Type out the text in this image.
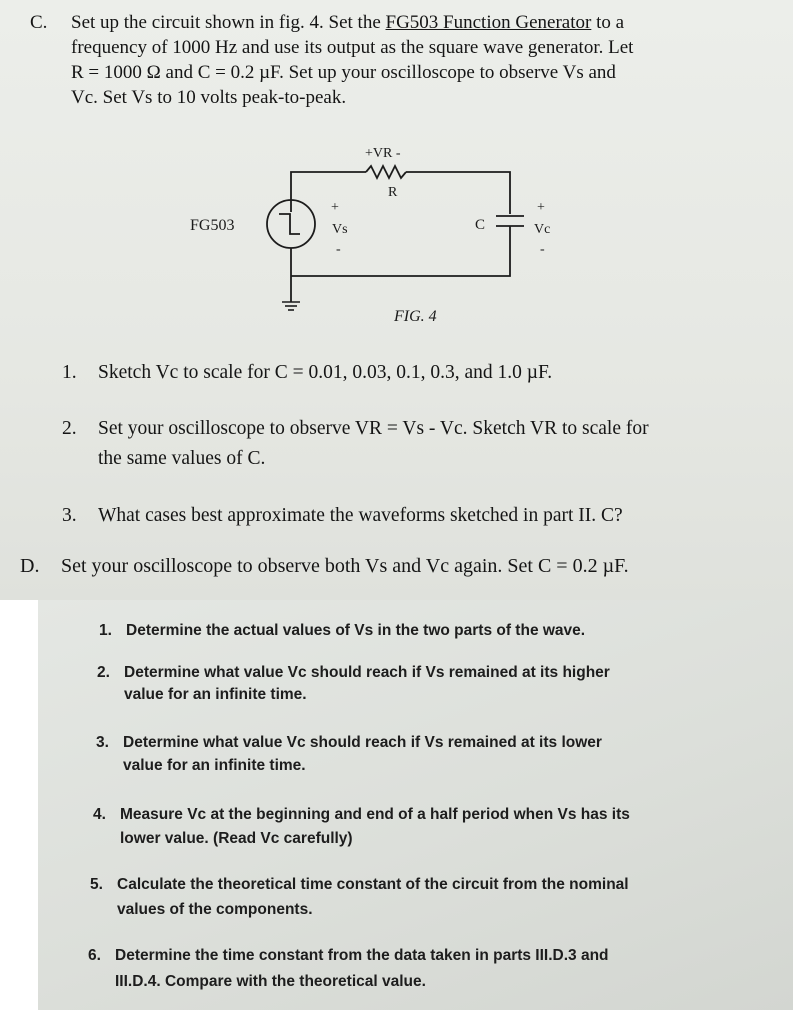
C. Set up the circuit shown in fig. 4. Set the FG503 Function Generator to a
frequency of 1000 Hz and use its output as the square wave generator. Let
R = 1000 Ω and C = 0.2 µF. Set up your oscilloscope to observe Vs and
Vc. Set Vs to 10 volts peak-to-peak.
FG503
+VR -
R
+
Vs
-
C
+
Vc
-
FIG. 4
1. Sketch Vc to scale for C = 0.01, 0.03, 0.1, 0.3, and 1.0 µF.
2. Set your oscilloscope to observe VR = Vs - Vc. Sketch VR to scale for
the same values of C.
3. What cases best approximate the waveforms sketched in part II. C?
D. Set your oscilloscope to observe both Vs and Vc again. Set C = 0.2 µF.
1. Determine the actual values of Vs in the two parts of the wave.
2. Determine what value Vc should reach if Vs remained at its higher
value for an infinite time.
3. Determine what value Vc should reach if Vs remained at its lower
value for an infinite time.
4. Measure Vc at the beginning and end of a half period when Vs has its
lower value. (Read Vc carefully)
5. Calculate the theoretical time constant of the circuit from the nominal
values of the components.
6. Determine the time constant from the data taken in parts III.D.3 and
III.D.4. Compare with the theoretical value.
